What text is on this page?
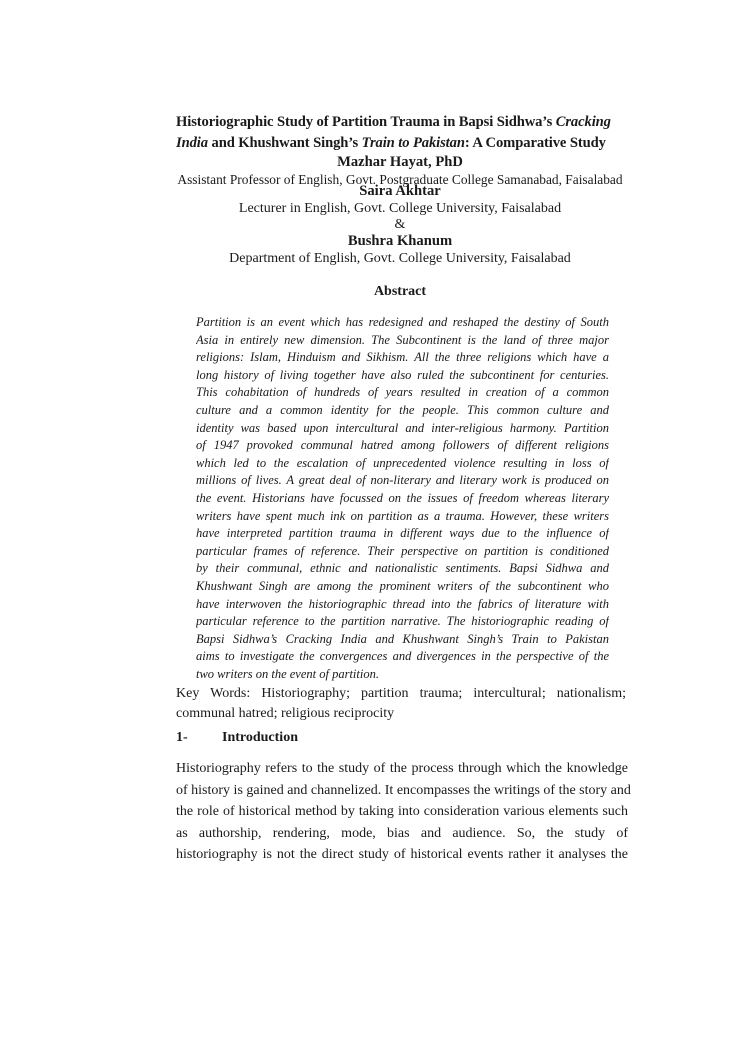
Historiographic Study of Partition Trauma in Bapsi Sidhwa’s Cracking
India and Khushwant Singh’s Train to Pakistan: A Comparative Study
Mazhar Hayat, PhD
Assistant Professor of English, Govt. Postgraduate College Samanabad, Faisalabad
Saira Akhtar
Lecturer in English, Govt. College University, Faisalabad
&
Bushra Khanum
Department of English, Govt. College University, Faisalabad
Abstract
Partition is an event which has redesigned and reshaped the destiny of South
Asia in entirely new dimension. The Subcontinent is the land of three major
religions: Islam, Hinduism and Sikhism. All the three religions which have a
long history of living together have also ruled the subcontinent for centuries.
This cohabitation of hundreds of years resulted in creation of a common
culture and a common identity for the people. This common culture and
identity was based upon intercultural and inter-religious harmony. Partition
of 1947 provoked communal hatred among followers of different religions
which led to the escalation of unprecedented violence resulting in loss of
millions of lives. A great deal of non-literary and literary work is produced on
the event. Historians have focussed on the issues of freedom whereas literary
writers have spent much ink on partition as a trauma. However, these writers
have interpreted partition trauma in different ways due to the influence of
particular frames of reference. Their perspective on partition is conditioned
by their communal, ethnic and nationalistic sentiments. Bapsi Sidhwa and
Khushwant Singh are among the prominent writers of the subcontinent who
have interwoven the historiographic thread into the fabrics of literature with
particular reference to the partition narrative. The historiographic reading of
Bapsi Sidhwa’s Cracking India and Khushwant Singh’s Train to Pakistan
aims to investigate the convergences and divergences in the perspective of the
two writers on the event of partition.
Key Words: Historiography; partition trauma; intercultural; nationalism;
communal hatred; religious reciprocity
1- Introduction
Historiography refers to the study of the process through which the knowledge
of history is gained and channelized. It encompasses the writings of the story and
the role of historical method by taking into consideration various elements such
as authorship, rendering, mode, bias and audience. So, the study of
historiography is not the direct study of historical events rather it analyses the
